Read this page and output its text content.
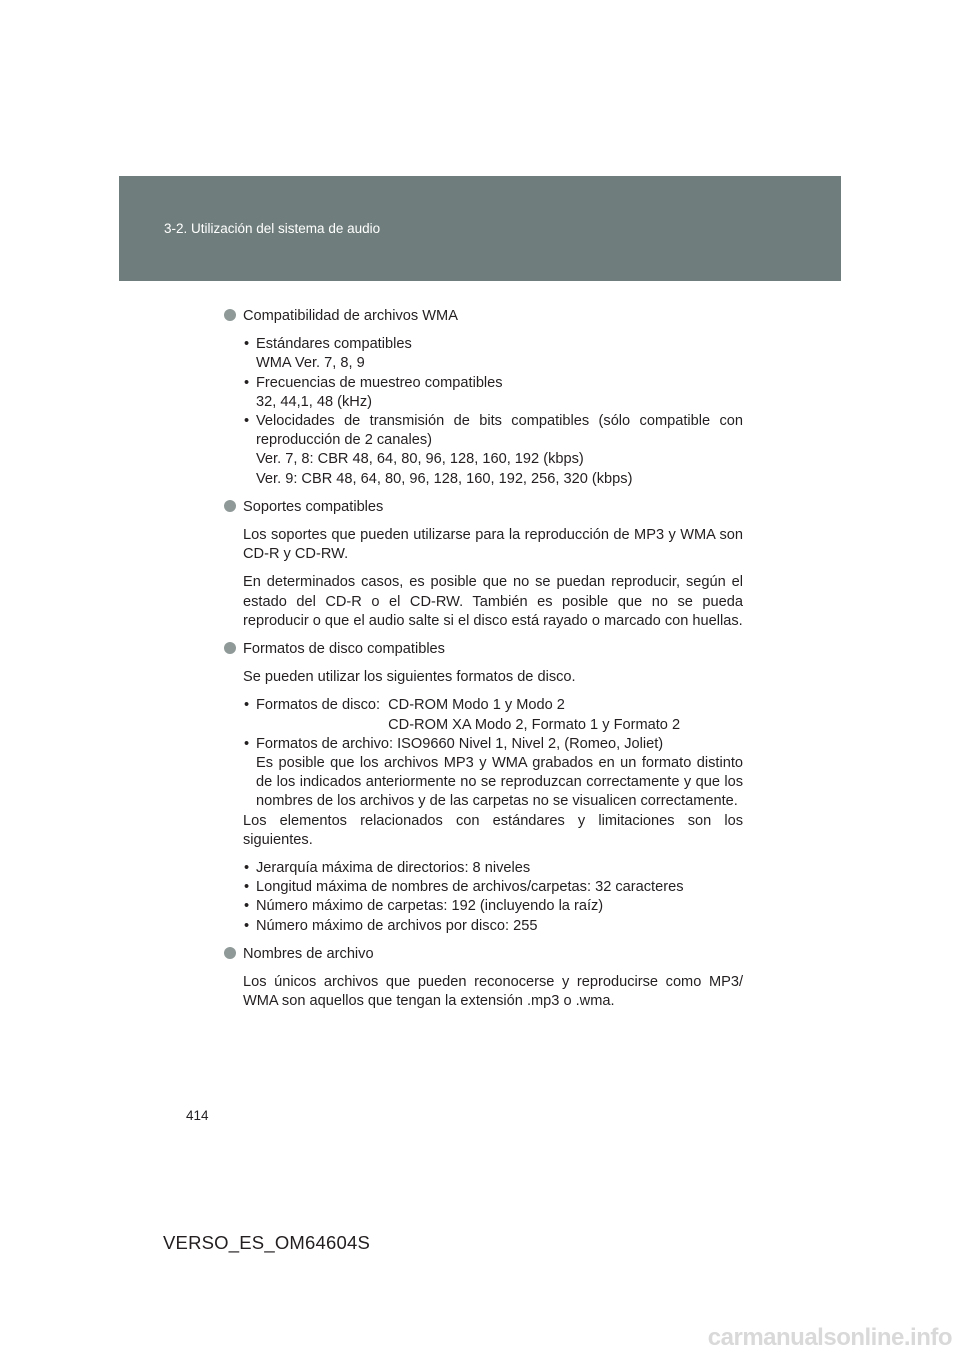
3-2. Utilización del sistema de audio
Compatibilidad de archivos WMA
• Estándares compatibles
WMA Ver. 7, 8, 9
• Frecuencias de muestreo compatibles
32, 44,1, 48 (kHz)
• Velocidades de transmisión de bits compatibles (sólo compatible con reproducción de 2 canales)
Ver. 7, 8: CBR 48, 64, 80, 96, 128, 160, 192 (kbps)
Ver. 9: CBR 48, 64, 80, 96, 128, 160, 192, 256, 320 (kbps)
Soportes compatibles

Los soportes que pueden utilizarse para la reproducción de MP3 y WMA son CD-R y CD-RW.

En determinados casos, es posible que no se puedan reproducir, según el estado del CD-R o el CD-RW. También es posible que no se pueda reproducir o que el audio salte si el disco está rayado o marcado con huellas.

Formatos de disco compatibles

Se pueden utilizar los siguientes formatos de disco.

• Formatos de disco: CD-ROM Modo 1 y Modo 2
CD-ROM XA Modo 2, Formato 1 y Formato 2
• Formatos de archivo: ISO9660 Nivel 1, Nivel 2, (Romeo, Joliet)
Es posible que los archivos MP3 y WMA grabados en un formato distinto de los indicados anteriormente no se reproduzcan correctamente y que los nombres de los archivos y de las carpetas no se visualicen correctamente.

Los elementos relacionados con estándares y limitaciones son los siguientes.

• Jerarquía máxima de directorios: 8 niveles
• Longitud máxima de nombres de archivos/carpetas: 32 caracteres
• Número máximo de carpetas: 192 (incluyendo la raíz)
• Número máximo de archivos por disco: 255
Nombres de archivo

Los únicos archivos que pueden reconocerse y reproducirse como MP3/ WMA son aquellos que tengan la extensión .mp3 o .wma.

414
VERSO_ES_OM64604S
carmanualsonline.info
